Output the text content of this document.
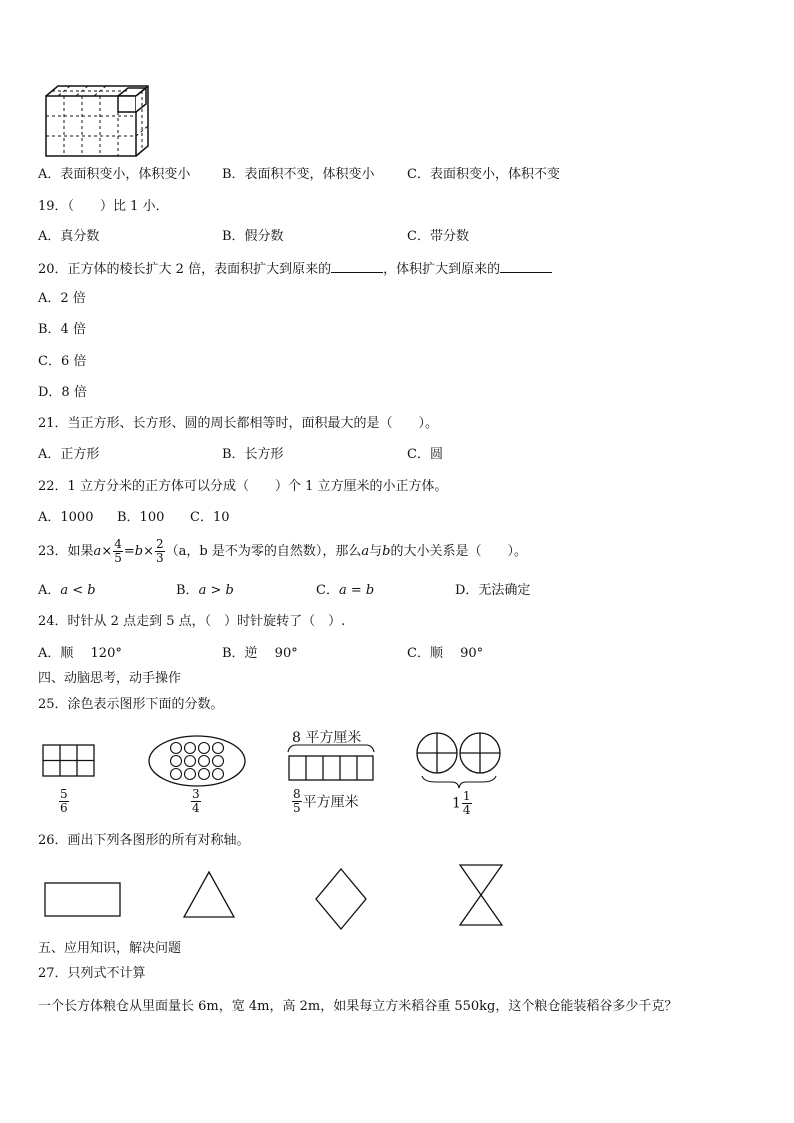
A．表面积变小，体积变小 B．表面积不变，体积变小 C．表面积变小，体积不变
19．（　　）比 1 小．
A．真分数	B．假分数	C．带分数
20．正方体的棱长扩大 2 倍，表面积扩大到原来的	，体积扩大到原来的
A．2 倍
B．4 倍
C．6 倍
D．8 倍
21．当正方形、长方形、圆的周长都相等时，面积最大的是（　　）。
A．正方形	B．长方形	C．圆
22．1 立方分米的正方体可以分成（　　）个 1 立方厘米的小正方体。
A．1000 B．100 C．10
23．如果$a\times \frac{4}{5} =b\times \frac{2}{3} (a$，b 是不为零的自然数），那么a与b的大小关系是（　　）。
A．a < b	B．a > b	C．a = b	D．无法确定
24．时针从 2 点走到 5 点，（　）时针旋转了（　）.
A．顺　 120°	B．逆　 90°	C．顺　 90°
四、动脑思考，动手操作
25．涂色表示图形下面的分数。
$\frac{5}{6}$	$\frac{3}{4}$
8 平方厘米
$\frac{8}{5}$ 平方厘米	$1 \frac{1}{4}$
26．画出下列各图形的所有对称轴。
五、应用知识，解决问题
27．只列式不计算
一个长方体粮仓从里面量长 6m，宽 4m，高 2m，如果每立方米稻谷重 550kg，这个粮仓能装稻谷多少千克？
